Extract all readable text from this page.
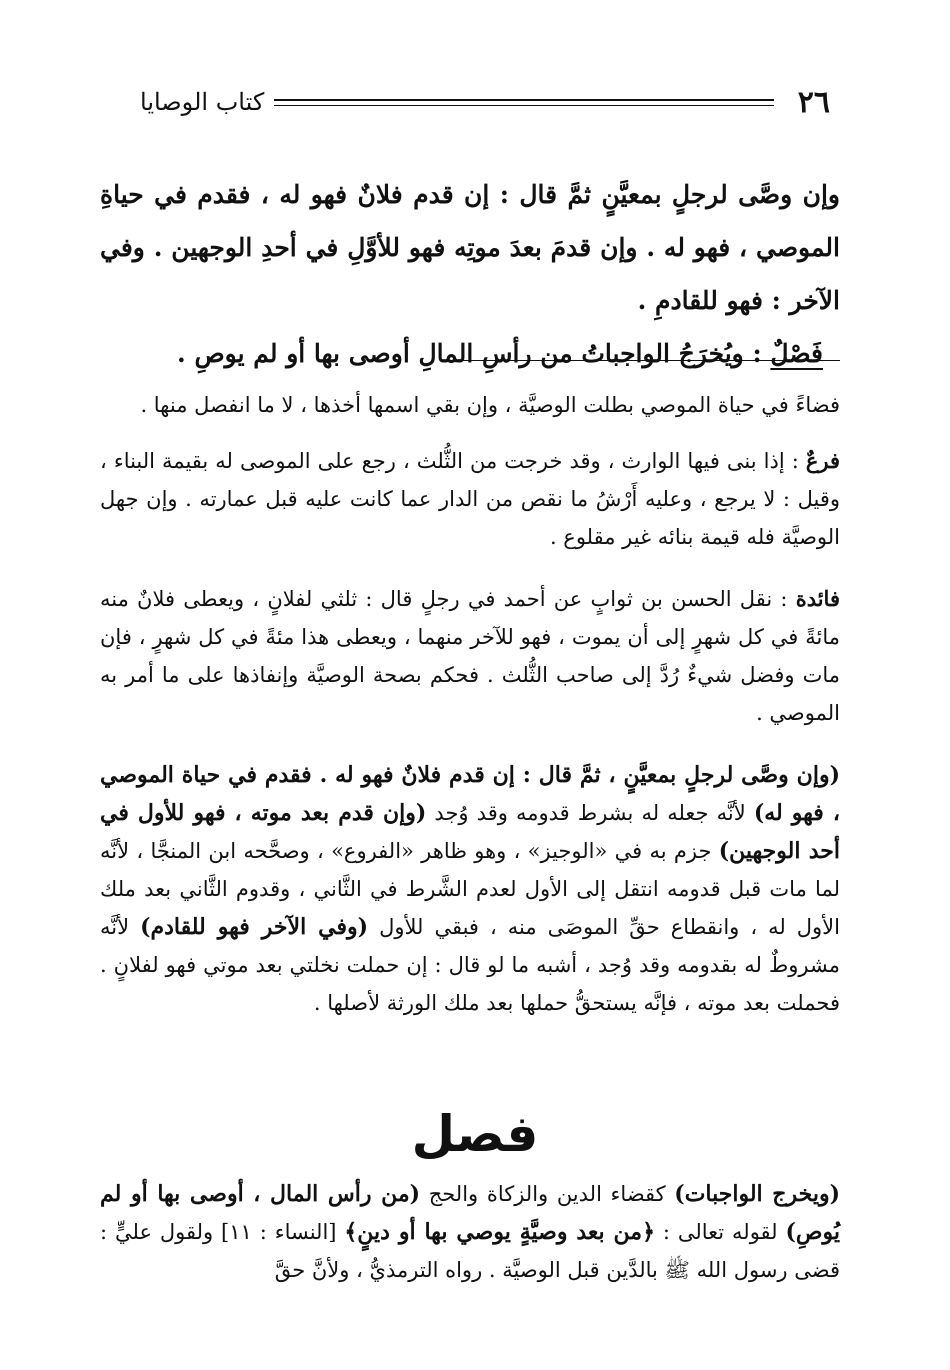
٢٦
كتاب الوصايا

وإن وصَّى لرجلٍ بمعيَّنٍ ثمَّ قال : إن قدم فلانٌ فهو له ، فقدم في حياةِ الموصي ، فهو له . وإن قدمَ بعدَ موتِه فهو للأوَّلِ في أحدِ الوجهين . وفي الآخر : فهو للقادمِ .

فَصْلٌ : ويُخرَجُ الواجباتُ من رأسِ المالِ أوصى بها أو لم يوصِ .

فضاءً في حياة الموصي بطلت الوصيَّة ، وإن بقي اسمها أخذها ، لا ما انفصل منها .

فرعٌ : إذا بنى فيها الوارث ، وقد خرجت من الثُّلث ، رجع على الموصى له بقيمة البناء ، وقيل : لا يرجع ، وعليه أَرْشُ ما نقص من الدار عما كانت عليه قبل عمارته . وإن جهل الوصيَّة فله قيمة بنائه غير مقلوع .

فائدة : نقل الحسن بن ثوابٍ عن أحمد في رجلٍ قال : ثلثي لفلانٍ ، ويعطى فلانٌ منه مائةً في كل شهرٍ إلى أن يموت ، فهو للآخر منهما ، ويعطى هذا مئةً في كل شهرٍ ، فإن مات وفضل شيءٌ رُدَّ إلى صاحب الثُّلث . فحكم بصحة الوصيَّة وإنفاذها على ما أمر به الموصي .

(وإن وصَّى لرجلٍ بمعيَّنٍ ، ثمَّ قال : إن قدم فلانٌ فهو له . فقدم في حياة الموصي ، فهو له) لأنَّه جعله له بشرط قدومه وقد وُجد (وإن قدم بعد موته ، فهو للأول في أحد الوجهين) جزم به في «الوجيز» ، وهو ظاهر «الفروع» ، وصحَّحه ابن المنجَّا ، لأنَّه لما مات قبل قدومه انتقل إلى الأول لعدم الشَّرط في الثَّاني ، وقدوم الثَّاني بعد ملك الأول له ، وانقطاع حقِّ الموصَى منه ، فبقي للأول (وفي الآخر فهو للقادم) لأنَّه مشروطٌ له بقدومه وقد وُجد ، أشبه ما لو قال : إن حملت نخلتي بعد موتي فهو لفلانٍ . فحملت بعد موته ، فإنَّه يستحقُّ حملها بعد ملك الورثة لأصلها .

فصل

(ويخرج الواجبات) كقضاء الدين والزكاة والحج (من رأس المال ، أوصى بها أو لم يُوصِ) لقوله تعالى : ﴿من بعد وصيَّةٍ يوصي بها أو دينٍ﴾ [النساء : ١١] ولقول عليٍّ : قضى رسول الله ﷺ بالدَّين قبل الوصيَّة . رواه الترمذيُّ ، ولأنَّ حقَّ
